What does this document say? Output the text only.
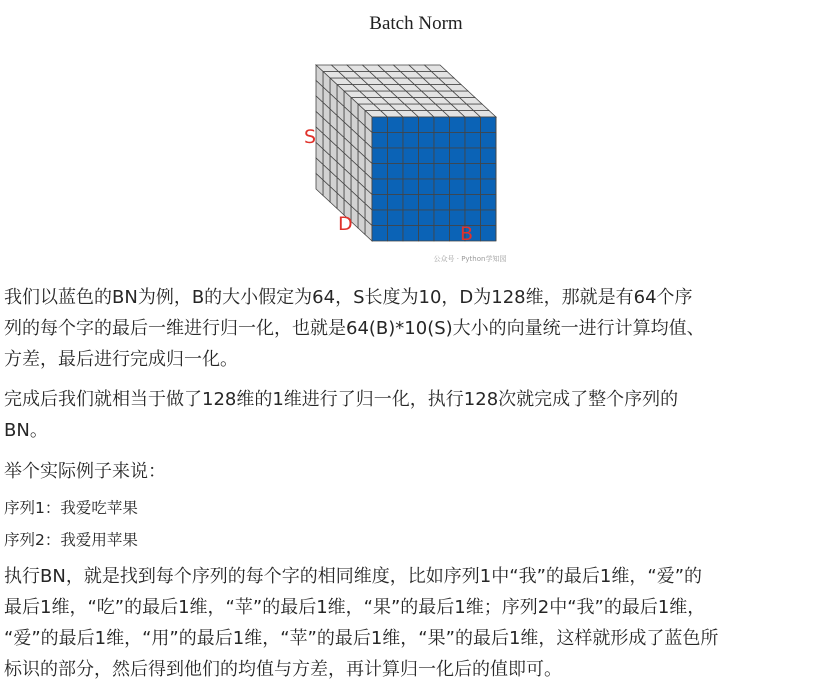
Batch Norm
S
D	B
公众号 · Python学知园
我们以蓝色的BN为例，B的大小假定为64，S长度为10，D为128维，那就是有64个序
列的每个字的最后一维进行归一化，也就是64(B)*10(S)大小的向量统一进行计算均值、
方差，最后进行完成归一化。
完成后我们就相当于做了128维的1维进行了归一化，执行128次就完成了整个序列的
BN。
举个实际例子来说：
序列1：我爱吃苹果
序列2：我爱用苹果
执行BN，就是找到每个序列的每个字的相同维度，比如序列1中“我”的最后1维，“爱”的
最后1维，“吃”的最后1维，“苹”的最后1维，“果”的最后1维；序列2中“我”的最后1维，
“爱”的最后1维，“用”的最后1维，“苹”的最后1维，“果”的最后1维，这样就形成了蓝色所
标识的部分，然后得到他们的均值与方差，再计算归一化后的值即可。
